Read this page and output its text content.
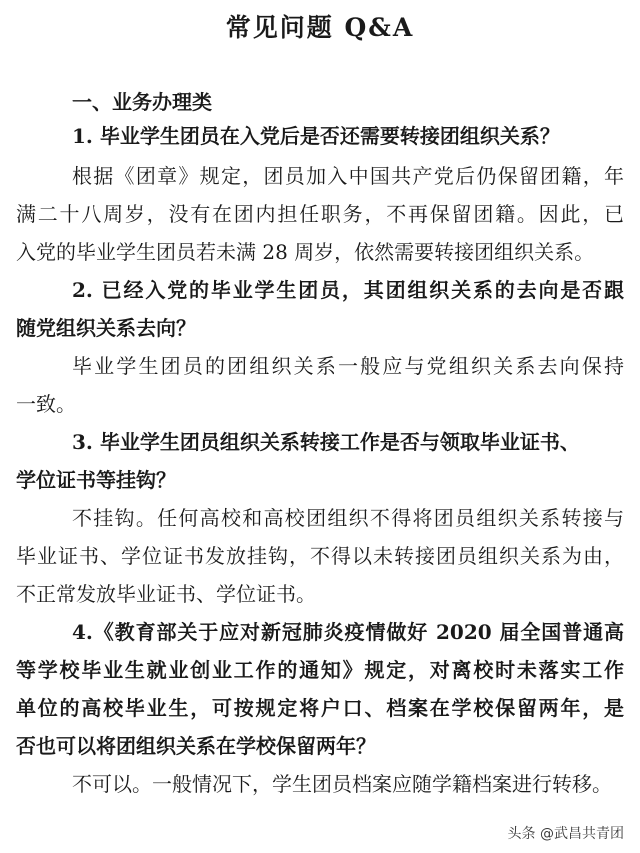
常见问题 Q&A
一、业务办理类

1. 毕业学生团员在入党后是否还需要转接团组织关系？

根据《团章》规定，团员加入中国共产党后仍保留团籍，年

满二十八周岁，没有在团内担任职务，不再保留团籍。因此，已

入党的毕业学生团员若未满 28 周岁，依然需要转接团组织关系。

2. 已经入党的毕业学生团员，其团组织关系的去向是否跟

随党组织关系去向？

毕业学生团员的团组织关系一般应与党组织关系去向保持

一致。

3. 毕业学生团员组织关系转接工作是否与领取毕业证书、

学位证书等挂钩？

不挂钩。任何高校和高校团组织不得将团员组织关系转接与

毕业证书、学位证书发放挂钩，不得以未转接团员组织关系为由，

不正常发放毕业证书、学位证书。

4.《教育部关于应对新冠肺炎疫情做好 2020 届全国普通高

等学校毕业生就业创业工作的通知》规定，对离校时未落实工作

单位的高校毕业生，可按规定将户口、档案在学校保留两年，是

否也可以将团组织关系在学校保留两年？

不可以。一般情况下，学生团员档案应随学籍档案进行转移。

头条 @武昌共青团
